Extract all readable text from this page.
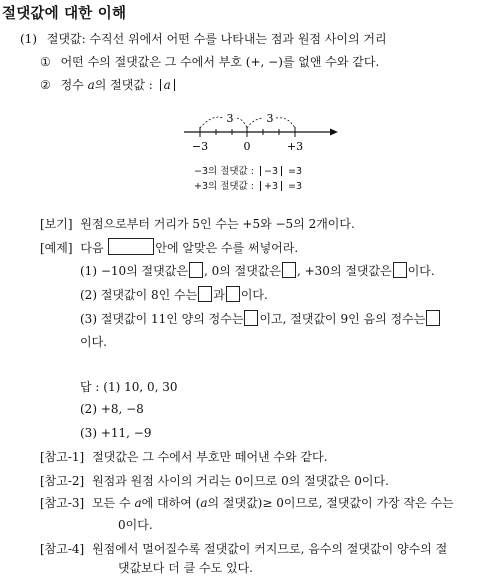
절댓값에 대한 이해
(1) 절댓값: 수직선 위에서 어떤 수를 나타내는 점과 원점 사이의 거리
① 어떤 수의 절댓값은 그 수에서 부호 (+, −)를 없앤 수와 같다.
② 정수 a의 절댓값 : a
3	3
−3	0	+3
−3의 절댓값 : −3 =3
+3의 절댓값 : +3 =3
[보기] 원점으로부터 거리가 5인 수는 +5와 −5의 2개이다.
[예제] 다음	안에 알맞은 수를 써넣어라.
(1) −10의 절댓값은 , 0의 절댓값은 , +30의 절댓값은 이다.
(2) 절댓값이 8인 수는 과 이다.
(3) 절댓값이 11인 양의 정수는 이고, 절댓값이 9인 음의 정수는
이다.
답 : (1) 10, 0, 30
(2) +8, −8
(3) +11, −9
[참고-1] 절댓값은 그 수에서 부호만 떼어낸 수와 같다.
[참고-2] 원점과 원점 사이의 거리는 0이므로 0의 절댓값은 0이다.
[참고-3] 모든 수 a에 대하여 (a의 절댓값)≥ 0이므로, 절댓값이 가장 작은 수는
0이다.
[참고-4] 원점에서 멀어질수록 절댓값이 커지므로, 음수의 절댓값이 양수의 절
댓값보다 더 클 수도 있다.
